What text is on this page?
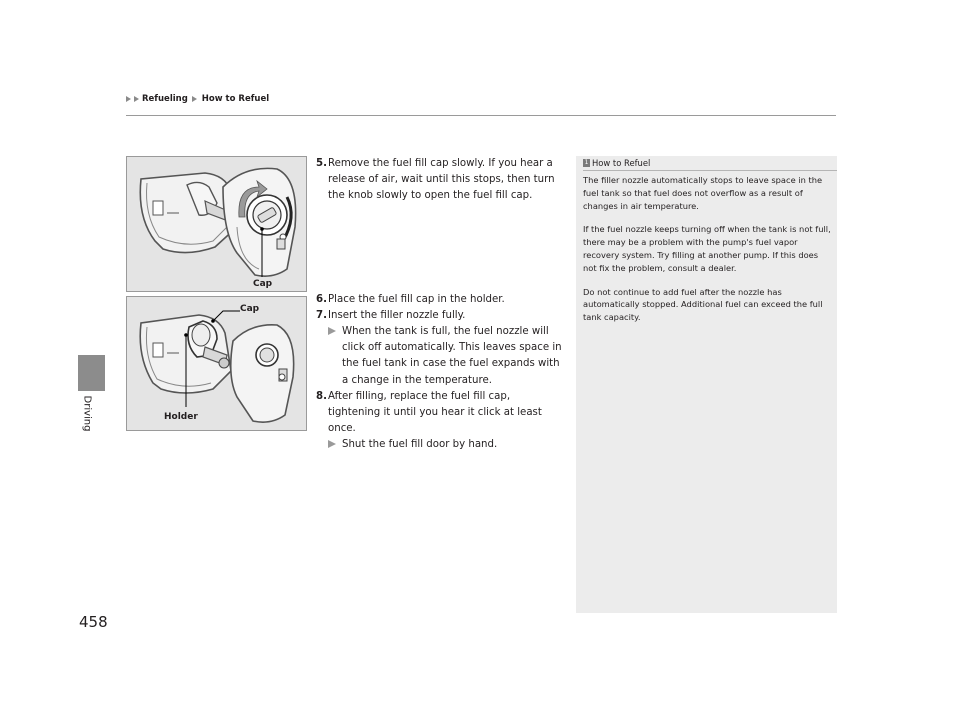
Refueling How to Refuel
Driving
Cap
Cap
Holder
5. Remove the fuel fill cap slowly. If you hear a release of air, wait until this stops, then turn the knob slowly to open the fuel fill cap.
6. Place the fuel fill cap in the holder.
7. Insert the filler nozzle fully.
When the tank is full, the fuel nozzle will click off automatically. This leaves space in the fuel tank in case the fuel expands with a change in the temperature.
8. After filling, replace the fuel fill cap, tightening it until you hear it click at least once.
Shut the fuel fill door by hand.
1 How to Refuel

The filler nozzle automatically stops to leave space in the fuel tank so that fuel does not overflow as a result of changes in air temperature.

If the fuel nozzle keeps turning off when the tank is not full, there may be a problem with the pump's fuel vapor recovery system. Try filling at another pump. If this does not fix the problem, consult a dealer.

Do not continue to add fuel after the nozzle has automatically stopped. Additional fuel can exceed the full tank capacity.

458
